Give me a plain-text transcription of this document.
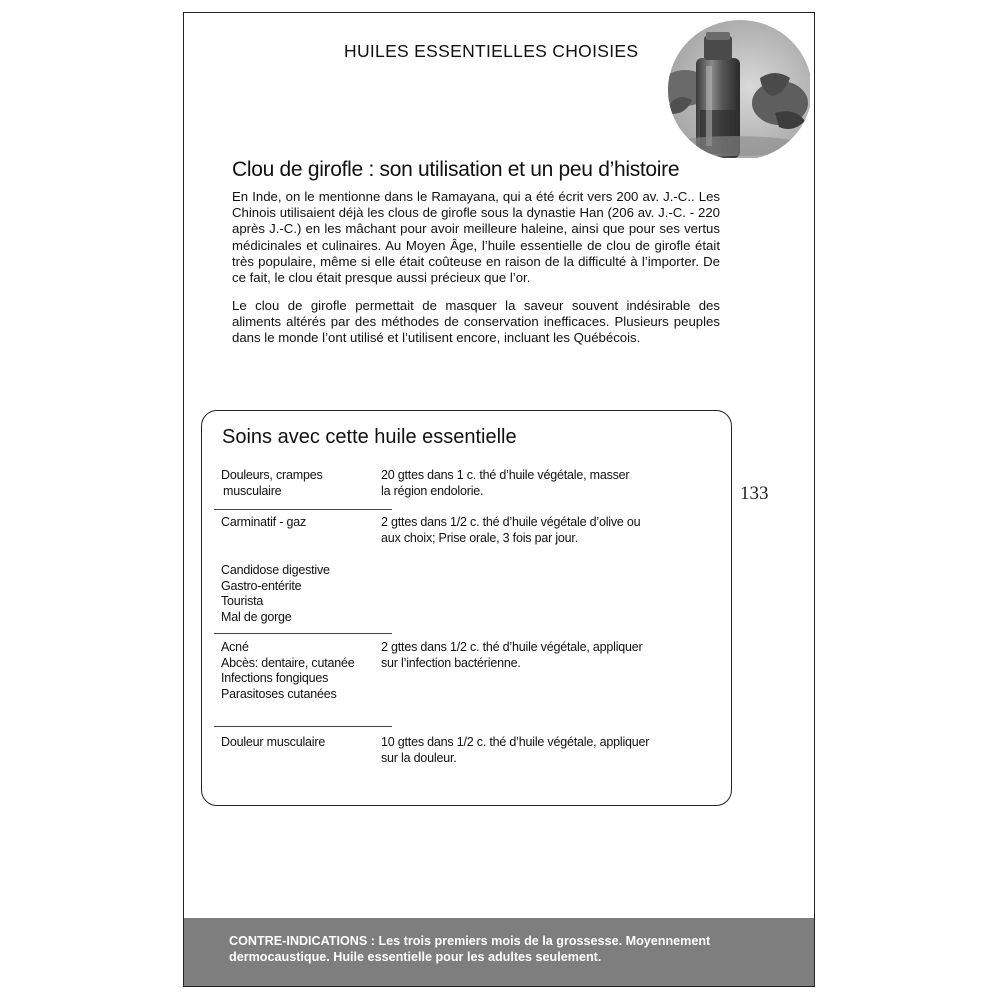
HUILES ESSENTIELLES CHOISIES
Clou de girofle : son utilisation et un peu d’histoire
En Inde, on le mentionne dans le Ramayana, qui a été écrit vers 200 av. J.-C.. Les Chinois utilisaient déjà les clous de girofle sous la dynastie Han (206 av. J.-C. - 220 après J.-C.) en les mâchant pour avoir meilleure haleine, ainsi que pour ses vertus médicinales et culinaires. Au Moyen Âge, l’huile essentielle de clou de girofle était très populaire, même si elle était coûteuse en raison de la difficulté à l’importer. De ce fait, le clou était presque aussi précieux que l’or.
Le clou de girofle permettait de masquer la saveur souvent indésirable des aliments altérés par des méthodes de conservation inefficaces. Plusieurs peuples dans le monde l’ont utilisé et l’utilisent encore, incluant les Québécois.
Soins avec cette huile essentielle
Douleurs, crampes
musculaire
20 gttes dans 1 c. thé d’huile végétale, masser
la région endolorie.
Carminatif - gaz	2 gttes dans 1/2 c. thé d’huile végétale d’olive ou
aux choix; Prise orale, 3 fois par jour.
Candidose digestive
Gastro-entérite
Tourista
Mal de gorge
Acné
Abcès: dentaire, cutanée
Infections fongiques
Parasitoses cutanées
2 gttes dans 1/2 c. thé d’huile végétale, appliquer
sur l’infection bactérienne.
Douleur musculaire	10 gttes dans 1/2 c. thé d’huile végétale, appliquer
sur la douleur.
133
CONTRE-INDICATIONS : Les trois premiers mois de la grossesse. Moyennement dermocaustique. Huile essentielle pour les adultes seulement.
